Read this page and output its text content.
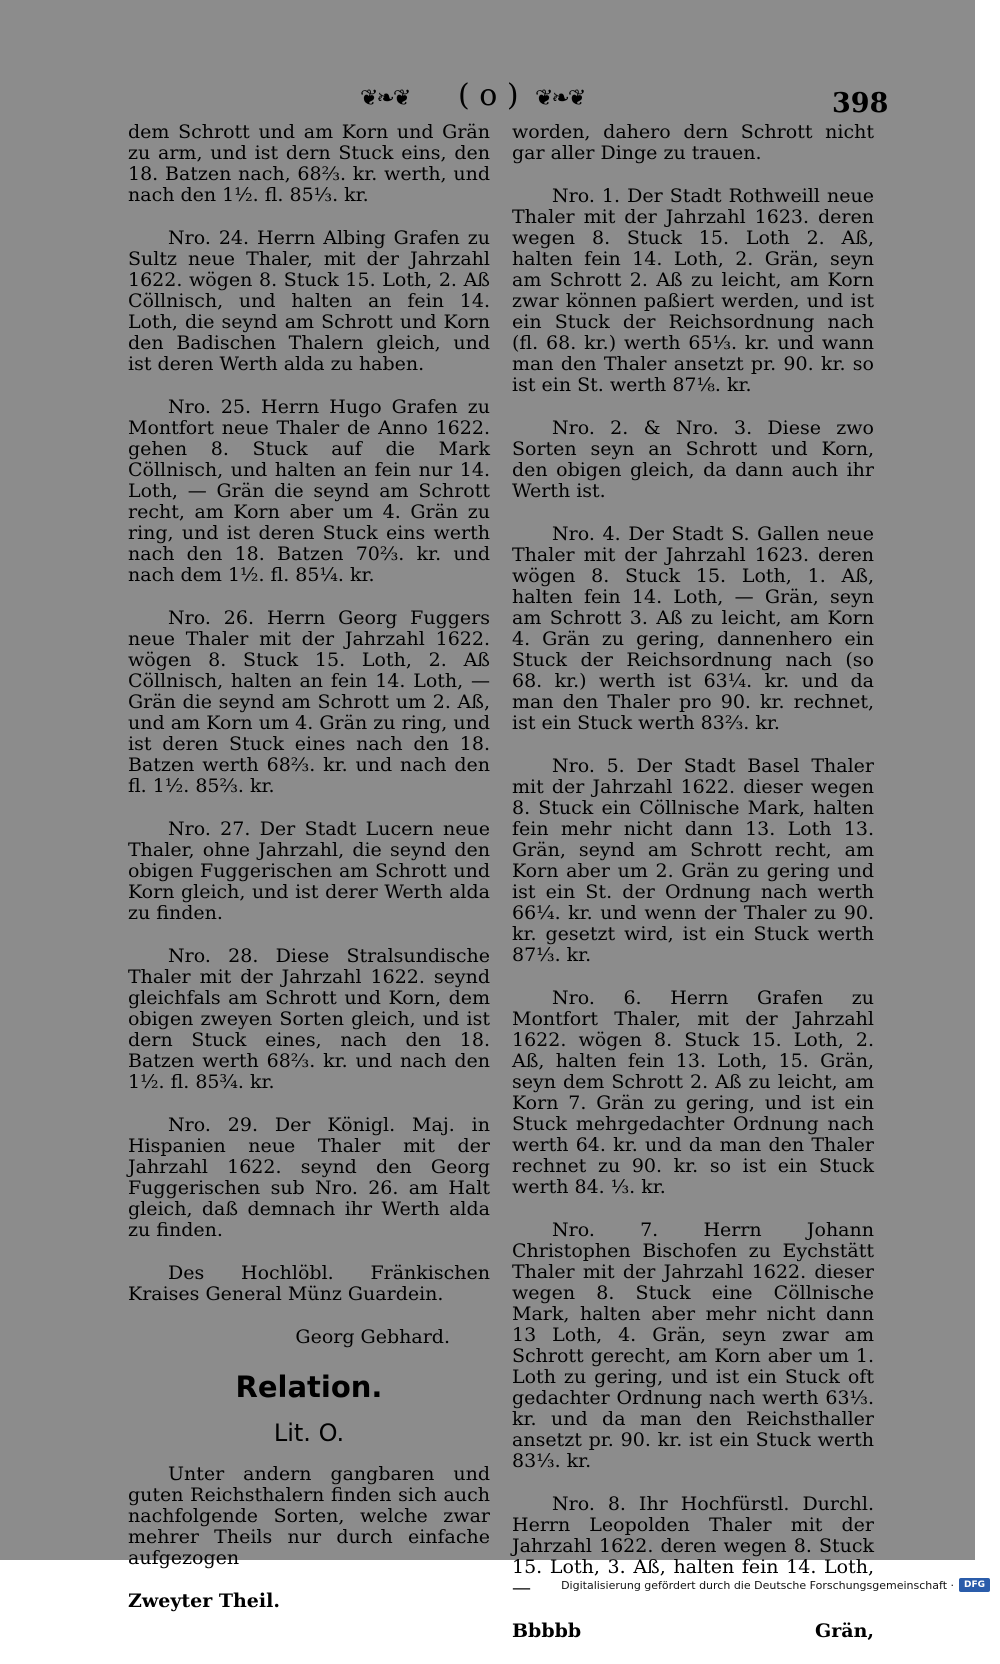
❦❧❦ ( o ) ❦❧❦	398

dem Schrott und am Korn und Grän zu arm, und ist dern Stuck eins, den 18. Batzen nach, 68⅔. kr. werth, und nach den 1½. fl. 85⅓. kr.

Nro. 24. Herrn Albing Grafen zu Sultz neue Thaler, mit der Jahrzahl 1622. wögen 8. Stuck 15. Loth, 2. Aß Cöllnisch, und halten an fein 14. Loth, die seynd am Schrott und Korn den Badischen Thalern gleich, und ist deren Werth alda zu haben.

Nro. 25. Herrn Hugo Grafen zu Montfort neue Thaler de Anno 1622. gehen 8. Stuck auf die Mark Cöllnisch, und halten an fein nur 14. Loth, — Grän die seynd am Schrott recht, am Korn aber um 4. Grän zu ring, und ist deren Stuck eins werth nach den 18. Batzen 70⅔. kr. und nach dem 1½. fl. 85¼. kr.

Nro. 26. Herrn Georg Fuggers neue Thaler mit der Jahrzahl 1622. wögen 8. Stuck 15. Loth, 2. Aß Cöllnisch, halten an fein 14. Loth, — Grän die seynd am Schrott um 2. Aß, und am Korn um 4. Grän zu ring, und ist deren Stuck eines nach den 18. Batzen werth 68⅔. kr. und nach den fl. 1½. 85⅔. kr.

Nro. 27. Der Stadt Lucern neue Thaler, ohne Jahrzahl, die seynd den obigen Fuggerischen am Schrott und Korn gleich, und ist derer Werth alda zu finden.

Nro. 28. Diese Stralsundische Thaler mit der Jahrzahl 1622. seynd gleichfals am Schrott und Korn, dem obigen zweyen Sorten gleich, und ist dern Stuck eines, nach den 18. Batzen werth 68⅔. kr. und nach den 1½. fl. 85¾. kr.

Nro. 29. Der Königl. Maj. in Hispanien neue Thaler mit der Jahrzahl 1622. seynd den Georg Fuggerischen sub Nro. 26. am Halt gleich, daß demnach ihr Werth alda zu finden.

Des Hochlöbl. Fränkischen Kraises General Münz Guardein.

Georg Gebhard.

Relation.

Lit. O.

Unter andern gangbaren und guten Reichsthalern finden sich auch nachfolgende Sorten, welche zwar mehrer Theils nur durch einfache aufgezogen

Zweyter Theil.

worden, dahero dern Schrott nicht gar aller Dinge zu trauen.

Nro. 1. Der Stadt Rothweill neue Thaler mit der Jahrzahl 1623. deren wegen 8. Stuck 15. Loth 2. Aß, halten fein 14. Loth, 2. Grän, seyn am Schrott 2. Aß zu leicht, am Korn zwar können paßiert werden, und ist ein Stuck der Reichsordnung nach (fl. 68. kr.) werth 65⅓. kr. und wann man den Thaler ansetzt pr. 90. kr. so ist ein St. werth 87⅛. kr.

Nro. 2. & Nro. 3. Diese zwo Sorten seyn an Schrott und Korn, den obigen gleich, da dann auch ihr Werth ist.

Nro. 4. Der Stadt S. Gallen neue Thaler mit der Jahrzahl 1623. deren wögen 8. Stuck 15. Loth, 1. Aß, halten fein 14. Loth, — Grän, seyn am Schrott 3. Aß zu leicht, am Korn 4. Grän zu gering, dannenhero ein Stuck der Reichsordnung nach (so 68. kr.) werth ist 63¼. kr. und da man den Thaler pro 90. kr. rechnet, ist ein Stuck werth 83⅔. kr.

Nro. 5. Der Stadt Basel Thaler mit der Jahrzahl 1622. dieser wegen 8. Stuck ein Cöllnische Mark, halten fein mehr nicht dann 13. Loth 13. Grän, seynd am Schrott recht, am Korn aber um 2. Grän zu gering und ist ein St. der Ordnung nach werth 66¼. kr. und wenn der Thaler zu 90. kr. gesetzt wird, ist ein Stuck werth 87⅓. kr.

Nro. 6. Herrn Grafen zu Montfort Thaler, mit der Jahrzahl 1622. wögen 8. Stuck 15. Loth, 2. Aß, halten fein 13. Loth, 15. Grän, seyn dem Schrott 2. Aß zu leicht, am Korn 7. Grän zu gering, und ist ein Stuck mehrgedachter Ordnung nach werth 64. kr. und da man den Thaler rechnet zu 90. kr. so ist ein Stuck werth 84. ⅓. kr.

Nro. 7. Herrn Johann Christophen Bischofen zu Eychstätt Thaler mit der Jahrzahl 1622. dieser wegen 8. Stuck eine Cöllnische Mark, halten aber mehr nicht dann 13 Loth, 4. Grän, seyn zwar am Schrott gerecht, am Korn aber um 1. Loth zu gering, und ist ein Stuck oft gedachter Ordnung nach werth 63⅓. kr. und da man den Reichsthaller ansetzt pr. 90. kr. ist ein Stuck werth 83⅓. kr.

Nro. 8. Ihr Hochfürstl. Durchl. Herrn Leopolden Thaler mit der Jahrzahl 1622. deren wegen 8. Stuck 15. Loth, 3. Aß, halten fein 14. Loth, —

Bbbbb	Grän,

Digitalisierung gefördert durch die Deutsche Forschungsgemeinschaft ·	DFG
